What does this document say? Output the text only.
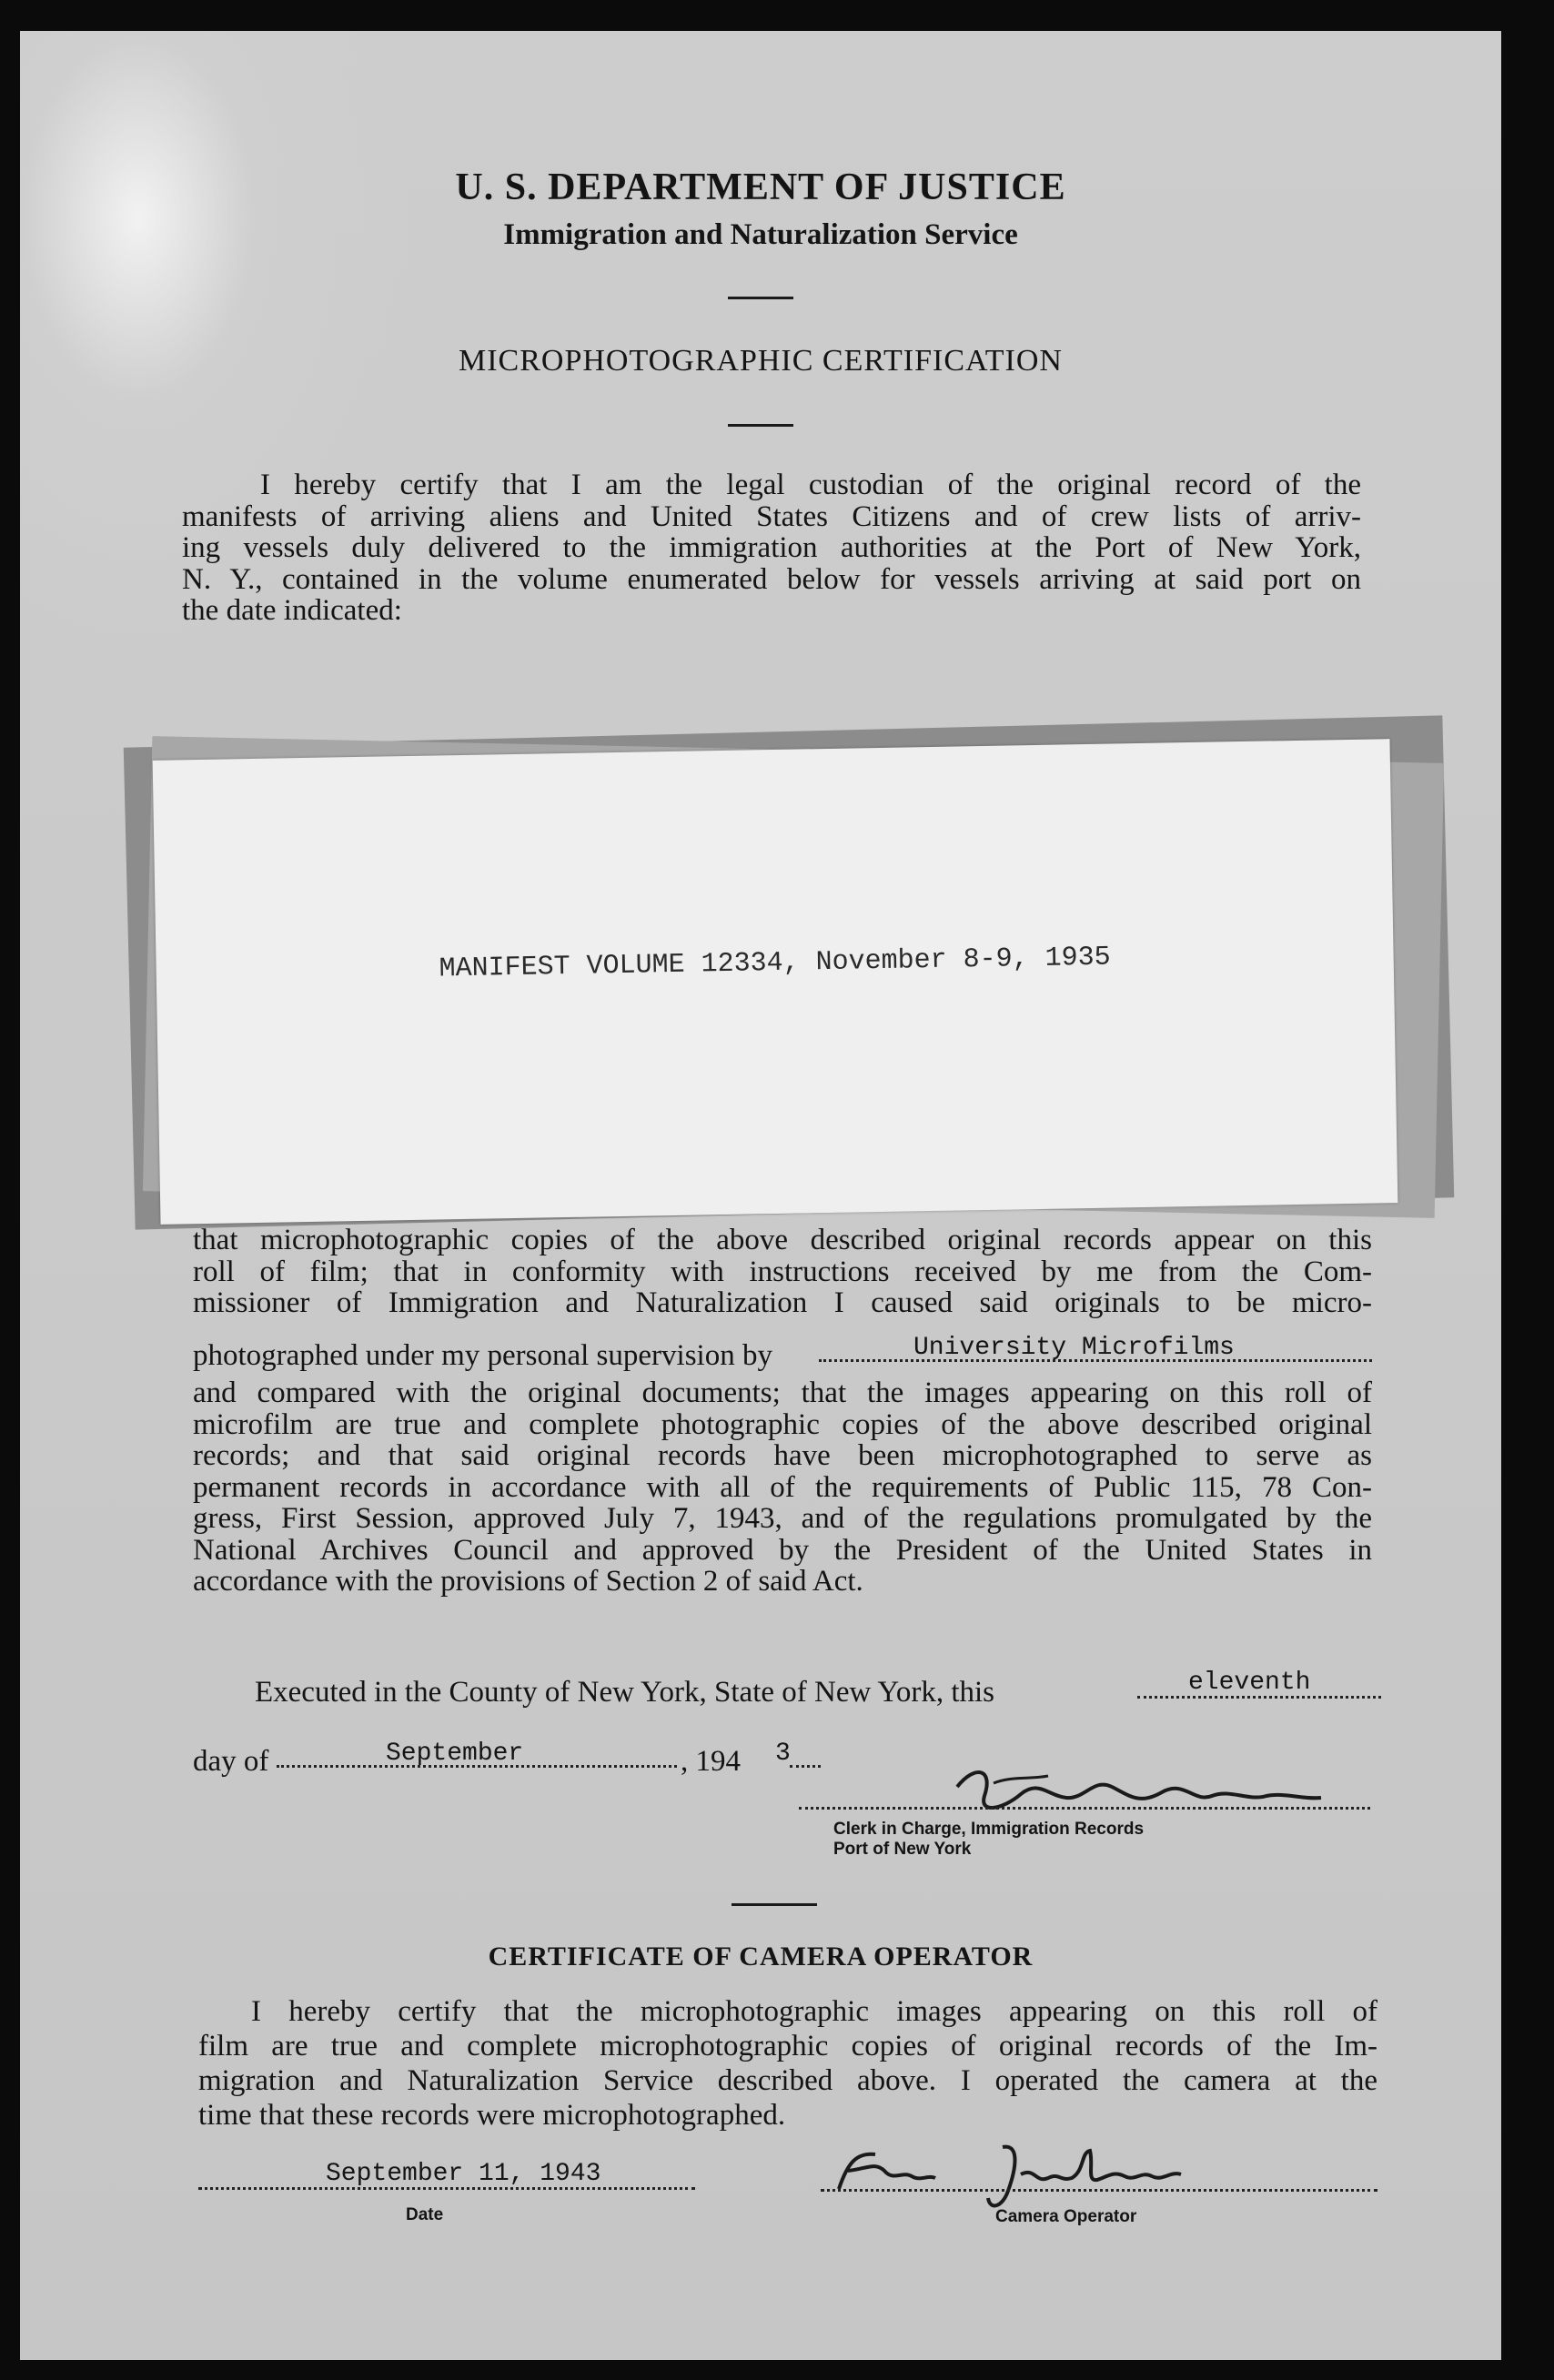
U. S. DEPARTMENT OF JUSTICE
Immigration and Naturalization Service
MICROPHOTOGRAPHIC CERTIFICATION
I hereby certify that I am the legal custodian of the original record of the
manifests of arriving aliens and United States Citizens and of crew lists of arriv-
ing vessels duly delivered to the immigration authorities at the Port of New York,
N. Y., contained in the volume enumerated below for vessels arriving at said port on
the date indicated:
MANIFEST VOLUME 12334, November 8-9, 1935
that microphotographic copies of the above described original records appear on this
roll of film; that in conformity with instructions received by me from the Com-
missioner of Immigration and Naturalization I caused said originals to be micro-
photographed under my personal supervision by	University Microfilms
and compared with the original documents; that the images appearing on this roll of
microfilm are true and complete photographic copies of the above described original
records; and that said original records have been microphotographed to serve as
permanent records in accordance with all of the requirements of Public 115, 78 Con-
gress, First Session, approved July 7, 1943, and of the regulations promulgated by the
National Archives Council and approved by the President of the United States in
accordance with the provisions of Section 2 of said Act.
Executed in the County of New York, State of New York, this	eleventh
day of	September	, 194 3
Clerk in Charge, Immigration Records
Port of New York
CERTIFICATE OF CAMERA OPERATOR
I hereby certify that the microphotographic images appearing on this roll of
film are true and complete microphotographic copies of original records of the Im-
migration and Naturalization Service described above. I operated the camera at the
time that these records were microphotographed.
September 11, 1943
Date	Camera Operator
